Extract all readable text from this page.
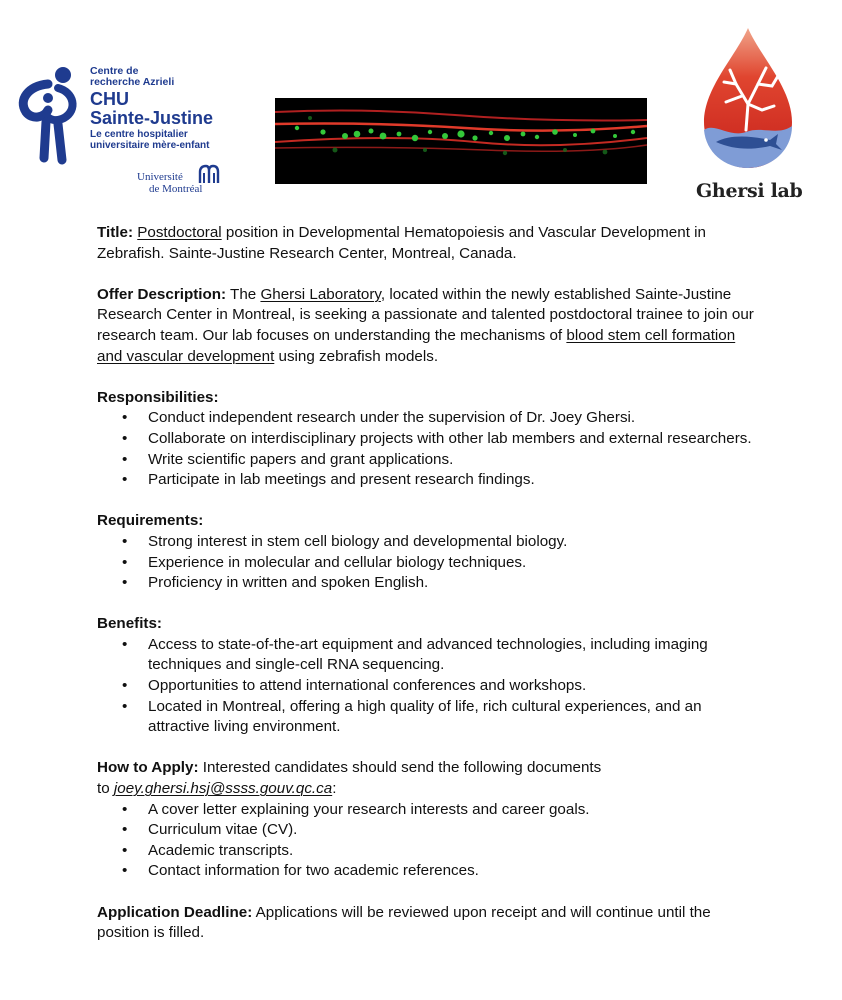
Centre de
recherche Azrieli
CHU
Sainte-Justine
Le centre hospitalier
universitaire mère-enfant
Université
de Montréal	Ghersi lab

Title: Postdoctoral position in Developmental Hematopoiesis and Vascular Development in Zebrafish. Sainte-Justine Research Center, Montreal, Canada.

Offer Description: The Ghersi Laboratory, located within the newly established Sainte-Justine Research Center in Montreal, is seeking a passionate and talented postdoctoral trainee to join our research team. Our lab focuses on understanding the mechanisms of blood stem cell formation and vascular development using zebrafish models.

Responsibilities:

• Conduct independent research under the supervision of Dr. Joey Ghersi.
• Collaborate on interdisciplinary projects with other lab members and external researchers.
• Write scientific papers and grant applications.
• Participate in lab meetings and present research findings.

Requirements:

• Strong interest in stem cell biology and developmental biology.
• Experience in molecular and cellular biology techniques.
• Proficiency in written and spoken English.

Benefits:

• Access to state-of-the-art equipment and advanced technologies, including imaging techniques and single-cell RNA sequencing.
• Opportunities to attend international conferences and workshops.
• Located in Montreal, offering a high quality of life, rich cultural experiences, and an attractive living environment.

How to Apply: Interested candidates should send the following documents

to joey.ghersi.hsj@ssss.gouv.qc.ca:

• A cover letter explaining your research interests and career goals.
• Curriculum vitae (CV).
• Academic transcripts.
• Contact information for two academic references.

Application Deadline: Applications will be reviewed upon receipt and will continue until the position is filled.
